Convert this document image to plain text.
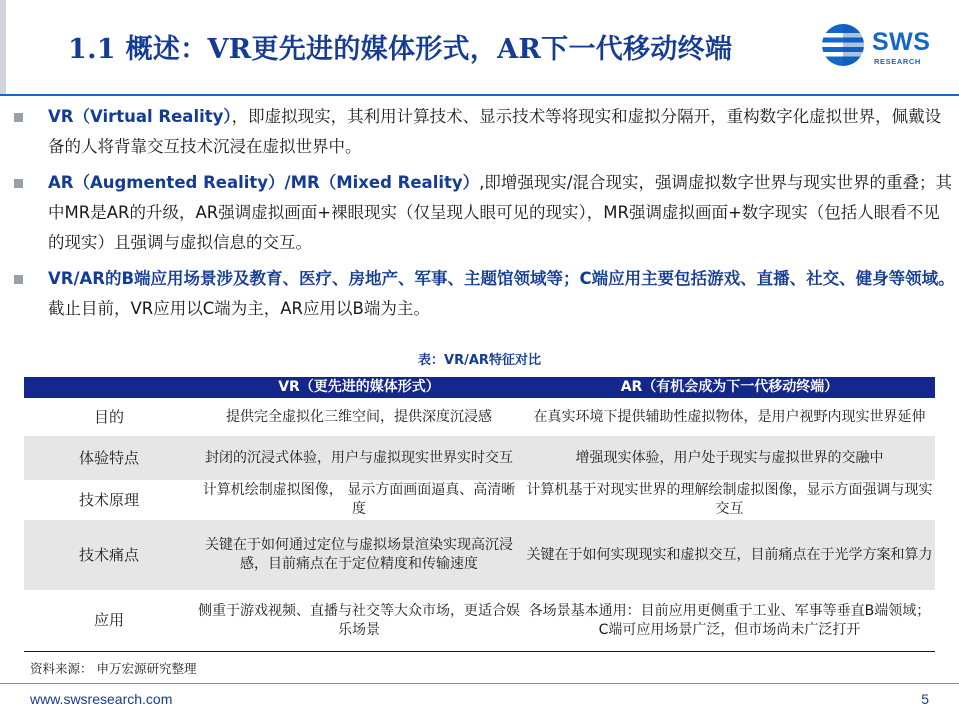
1.1 概述：VR更先进的媒体形式，AR下一代移动终端	SWS
RESEARCH
VR（Virtual Reality），即虚拟现实，其利用计算技术、显示技术等将现实和虚拟分隔开，重构数字化虚拟世界，佩戴设备的人将背靠交互技术沉浸在虚拟世界中。
AR（Augmented Reality）/MR（Mixed Reality）,即增强现实/混合现实，强调虚拟数字世界与现实世界的重叠；其中MR是AR的升级，AR强调虚拟画面+裸眼现实（仅呈现人眼可见的现实），MR强调虚拟画面+数字现实（包括人眼看不见的现实）且强调与虚拟信息的交互。
VR/AR的B端应用场景涉及教育、医疗、房地产、军事、主题馆领域等；C端应用主要包括游戏、直播、社交、健身等领域。截止目前，VR应用以C端为主，AR应用以B端为主。
表：VR/AR特征对比
	VR（更先进的媒体形式）	AR（有机会成为下一代移动终端）
目的	提供完全虚拟化三维空间，提供深度沉浸感	在真实环境下提供辅助性虚拟物体，是用户视野内现实世界延伸
体验特点	封闭的沉浸式体验，用户与虚拟现实世界实时交互	增强现实体验，用户处于现实与虚拟世界的交融中
技术原理	计算机绘制虚拟图像， 显示方面画面逼真、高清晰度	计算机基于对现实世界的理解绘制虚拟图像，显示方面强调与现实交互
技术痛点	关键在于如何通过定位与虚拟场景渲染实现高沉浸感，目前痛点在于定位精度和传输速度	关键在于如何实现现实和虚拟交互，目前痛点在于光学方案和算力
应用	侧重于游戏视频、直播与社交等大众市场，更适合娱乐场景	各场景基本通用：目前应用更侧重于工业、军事等垂直B端领域；C端可应用场景广泛，但市场尚未广泛打开
资料来源： 申万宏源研究整理
www.swsresearch.com	5
